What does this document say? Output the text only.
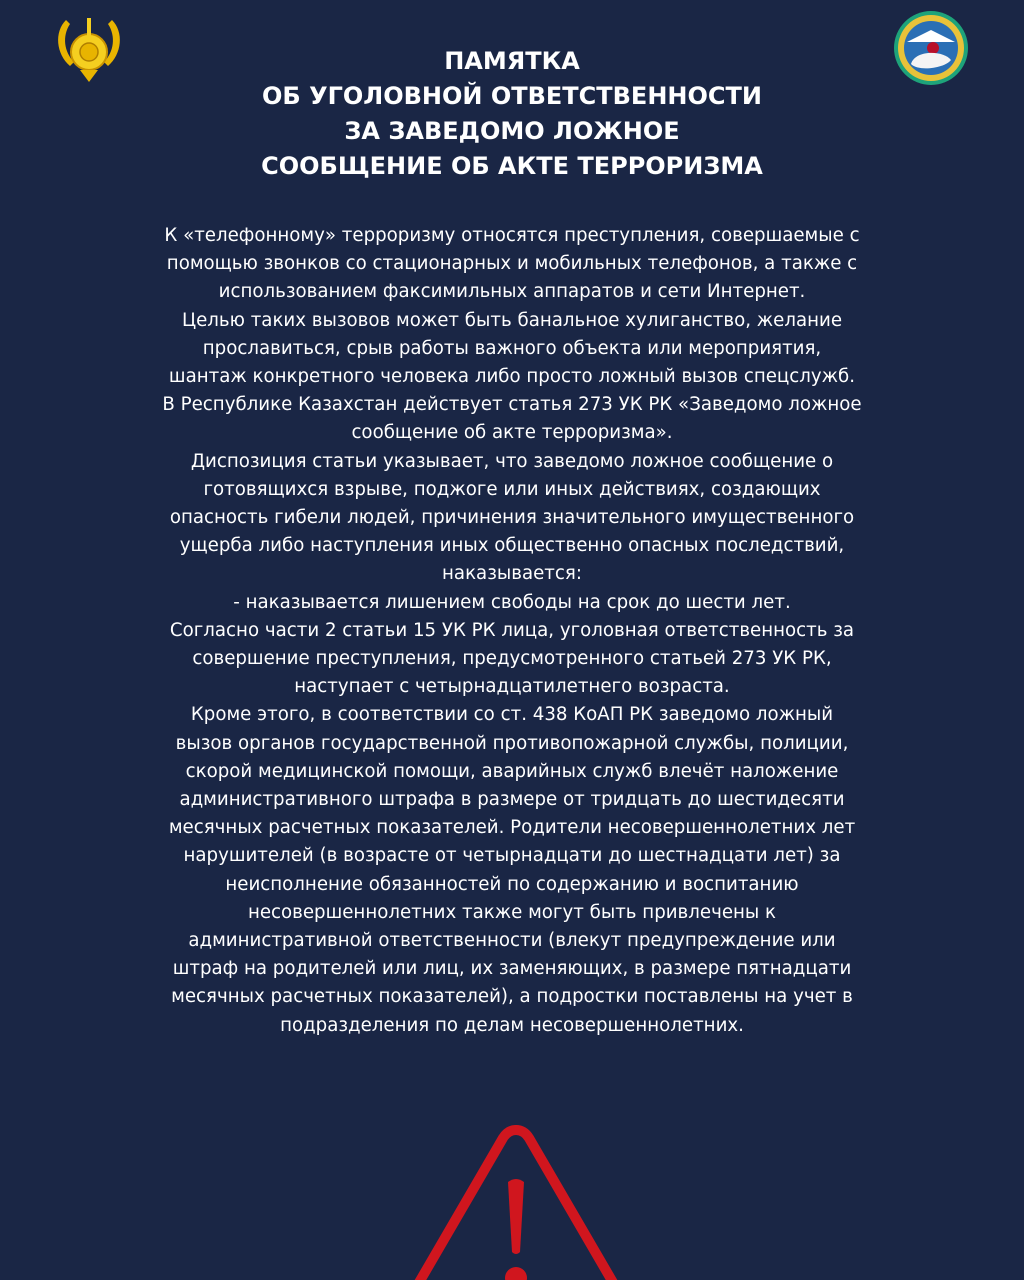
ПАМЯТКА
ОБ УГОЛОВНОЙ ОТВЕТСТВЕННОСТИ
ЗА ЗАВЕДОМО ЛОЖНОЕ
СООБЩЕНИЕ ОБ АКТЕ ТЕРРОРИЗМА
К «телефонному» терроризму относятся преступления, совершаемые с
помощью звонков со стационарных и мобильных телефонов, а также с
использованием факсимильных аппаратов и сети Интернет.
Целью таких вызовов может быть банальное хулиганство, желание
прославиться, срыв работы важного объекта или мероприятия,
шантаж конкретного человека либо просто ложный вызов спецслужб.
В Республике Казахстан действует статья 273 УК РК «Заведомо ложное
сообщение об акте терроризма».
Диспозиция статьи указывает, что заведомо ложное сообщение о
готовящихся взрыве, поджоге или иных действиях, создающих
опасность гибели людей, причинения значительного имущественного
ущерба либо наступления иных общественно опасных последствий,
наказывается:
- наказывается лишением свободы на срок до шести лет.
Согласно части 2 статьи 15 УК РК лица, уголовная ответственность за
совершение преступления, предусмотренного статьей 273 УК РК,
наступает с четырнадцатилетнего возраста.
Кроме этого, в соответствии со ст. 438 КоАП РК заведомо ложный
вызов органов государственной противопожарной службы, полиции,
скорой медицинской помощи, аварийных служб влечёт наложение
административного штрафа в размере от тридцать до шестидесяти
месячных расчетных показателей. Родители несовершеннолетних лет
нарушителей (в возрасте от четырнадцати до шестнадцати лет) за
неисполнение обязанностей по содержанию и воспитанию
несовершеннолетних также могут быть привлечены к
административной ответственности (влекут предупреждение или
штраф на родителей или лиц, их заменяющих, в размере пятнадцати
месячных расчетных показателей), а подростки поставлены на учет в
подразделения по делам несовершеннолетних.
